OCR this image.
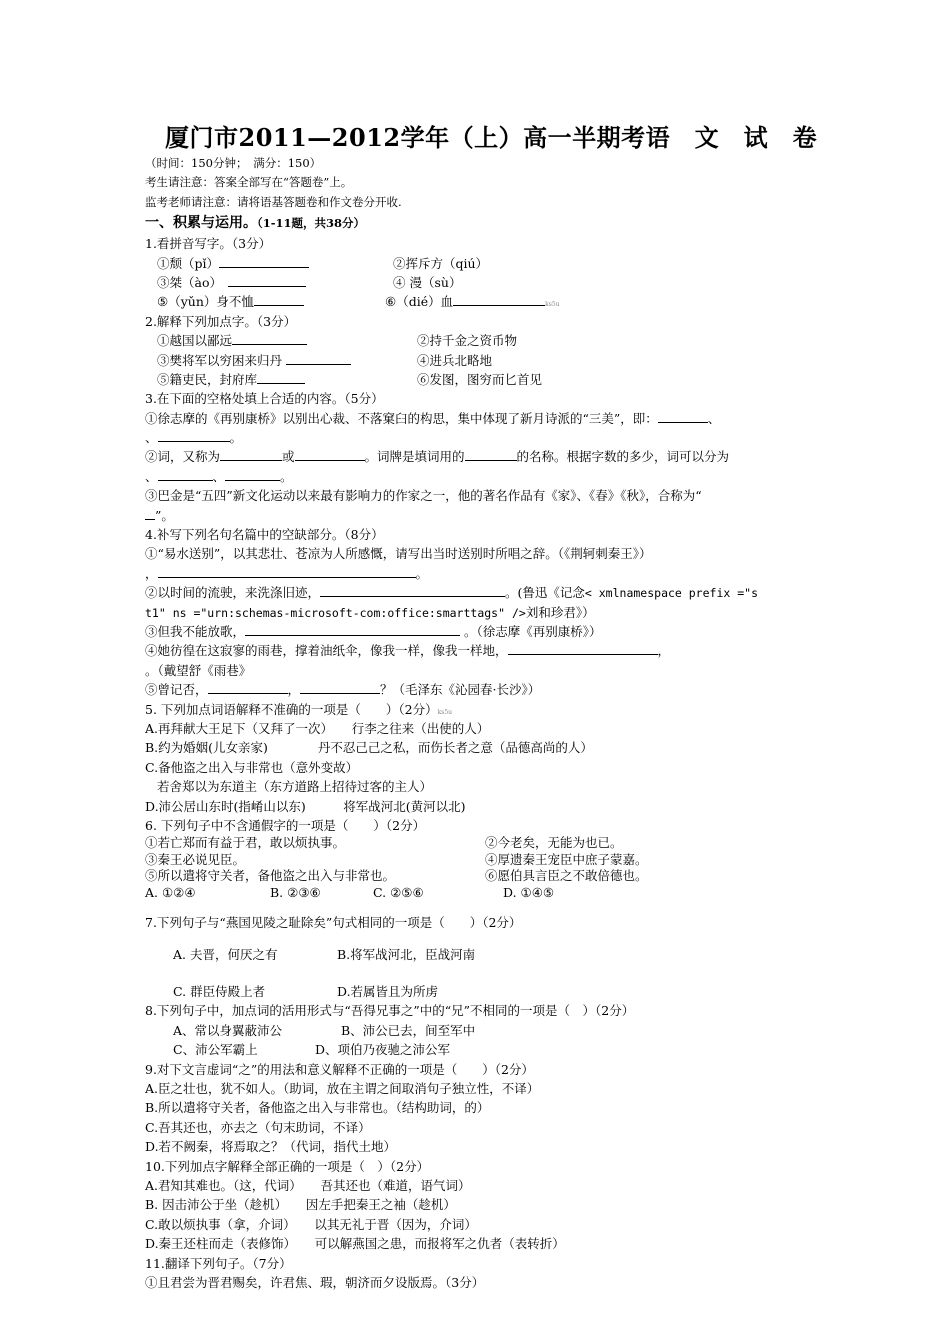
厦门市2011—2012学年（上）高一半期考语　文　试　卷
（时间：150分钟；　满分：150）
考生请注意：答案全部写在“答题卷”上。
监考老师请注意：请将语基答题卷和作文卷分开收.
一、积累与运用。（1-11题，共38分）
1.看拼音写字。（3分）
①颓（pǐ）	②挥斥方（qiú）
③桀（ào）　	④ 漫（sù）
⑤（yǔn）身不恤	⑥（dié）血	ks5u
2.解释下列加点字。（3分）
①越国以鄙远	②持千金之资币物
③樊将军以穷困来归丹	④进兵北略地
⑤籍吏民，封府库	⑥发图，图穷而匕首见
3.在下面的空格处填上合适的内容。（5分）
①徐志摩的《再别康桥》以别出心裁、不落窠臼的构思，集中体现了新月诗派的“三美”，即：	、
、	。
②词，又称为	或	。词牌是填词用的	的名称。根据字数的多少，词可以分为
、	、	。
③巴金是“五四”新文化运动以来最有影响力的作家之一，他的著名作品有《家》、《春》《秋》，合称为“
”。
4.补写下列名句名篇中的空缺部分。（8分）
①“易水送别”，以其悲壮、苍凉为人所感慨，请写出当时送别时所唱之辞。（《荆轲刺秦王》）
，	。
②以时间的流驶，来洗涤旧迹，	。(鲁迅《记念< xmlnamespace prefix ="s
t1" ns ="urn:schemas-microsoft-com:office:smarttags" />刘和珍君》）
③但我不能放歌，	。（徐志摩《再别康桥》）
④她彷徨在这寂寥的雨巷，撑着油纸伞，像我一样，像我一样地，	，
。（戴望舒《雨巷》
⑤曾记否，	，	？（毛泽东《沁园春·长沙》）
5. 下列加点词语解释不准确的一项是（　　）（2分）ks5u
A.再拜献大王足下（又拜了一次）　　行李之往来（出使的人）
B.约为婚姻(儿女亲家)　　　　丹不忍己己之私，而伤长者之意（品德高尚的人）
C.备他盗之出入与非常也（意外变故）
若舍郑以为东道主（东方道路上招待过客的主人）
D.沛公居山东时(指崤山以东)　　　将军战河北(黄河以北)
6. 下列句子中不含通假字的一项是（　　）（2分）
①若亡郑而有益于君，敢以烦执事。	②今老矣，无能为也已。
③秦王必说见臣。	④厚遗秦王宠臣中庶子蒙嘉。
⑤所以遣将守关者，备他盗之出入与非常也。	⑥愿伯具言臣之不敢倍德也。
A. ①②④	B. ②③⑥	C. ②⑤⑥	D. ①④⑤
7.下列句子与“燕国见陵之耻除矣”句式相同的一项是（　　）（2分）
A. 夫晋，何厌之有	B.将军战河北，臣战河南
C. 群臣侍殿上者	D.若属皆且为所虏
8.下列句子中，加点词的活用形式与“吾得兄事之”中的“兄”不相同的一项是（　）（2分）
A、常以身翼蔽沛公	B、沛公已去，间至军中
C、沛公军霸上	D、项伯乃夜驰之沛公军
9.对下文言虚词“之”的用法和意义解释不正确的一项是（　　）（2分）
A.臣之壮也，犹不如人。（助词，放在主谓之间取消句子独立性，不译）
B.所以遣将守关者，备他盗之出入与非常也。（结构助词，的）
C.吾其还也，亦去之（句末助词，不译）
D.若不阙秦，将焉取之？（代词，指代土地）
10.下列加点字解释全部正确的一项是（　）（2分）
A.君知其难也。（这，代词）　　吾其还也（难道，语气词）
B. 因击沛公于坐（趁机）　　因左手把秦王之袖（趁机）
C.敢以烦执事（拿，介词）　　以其无礼于晋（因为，介词）
D.秦王还柱而走（表修饰）　　可以解燕国之患，而报将军之仇者（表转折）
11.翻译下列句子。（7分）
①且君尝为晋君赐矣，许君焦、瑕，朝济而夕设版焉。（3分）
